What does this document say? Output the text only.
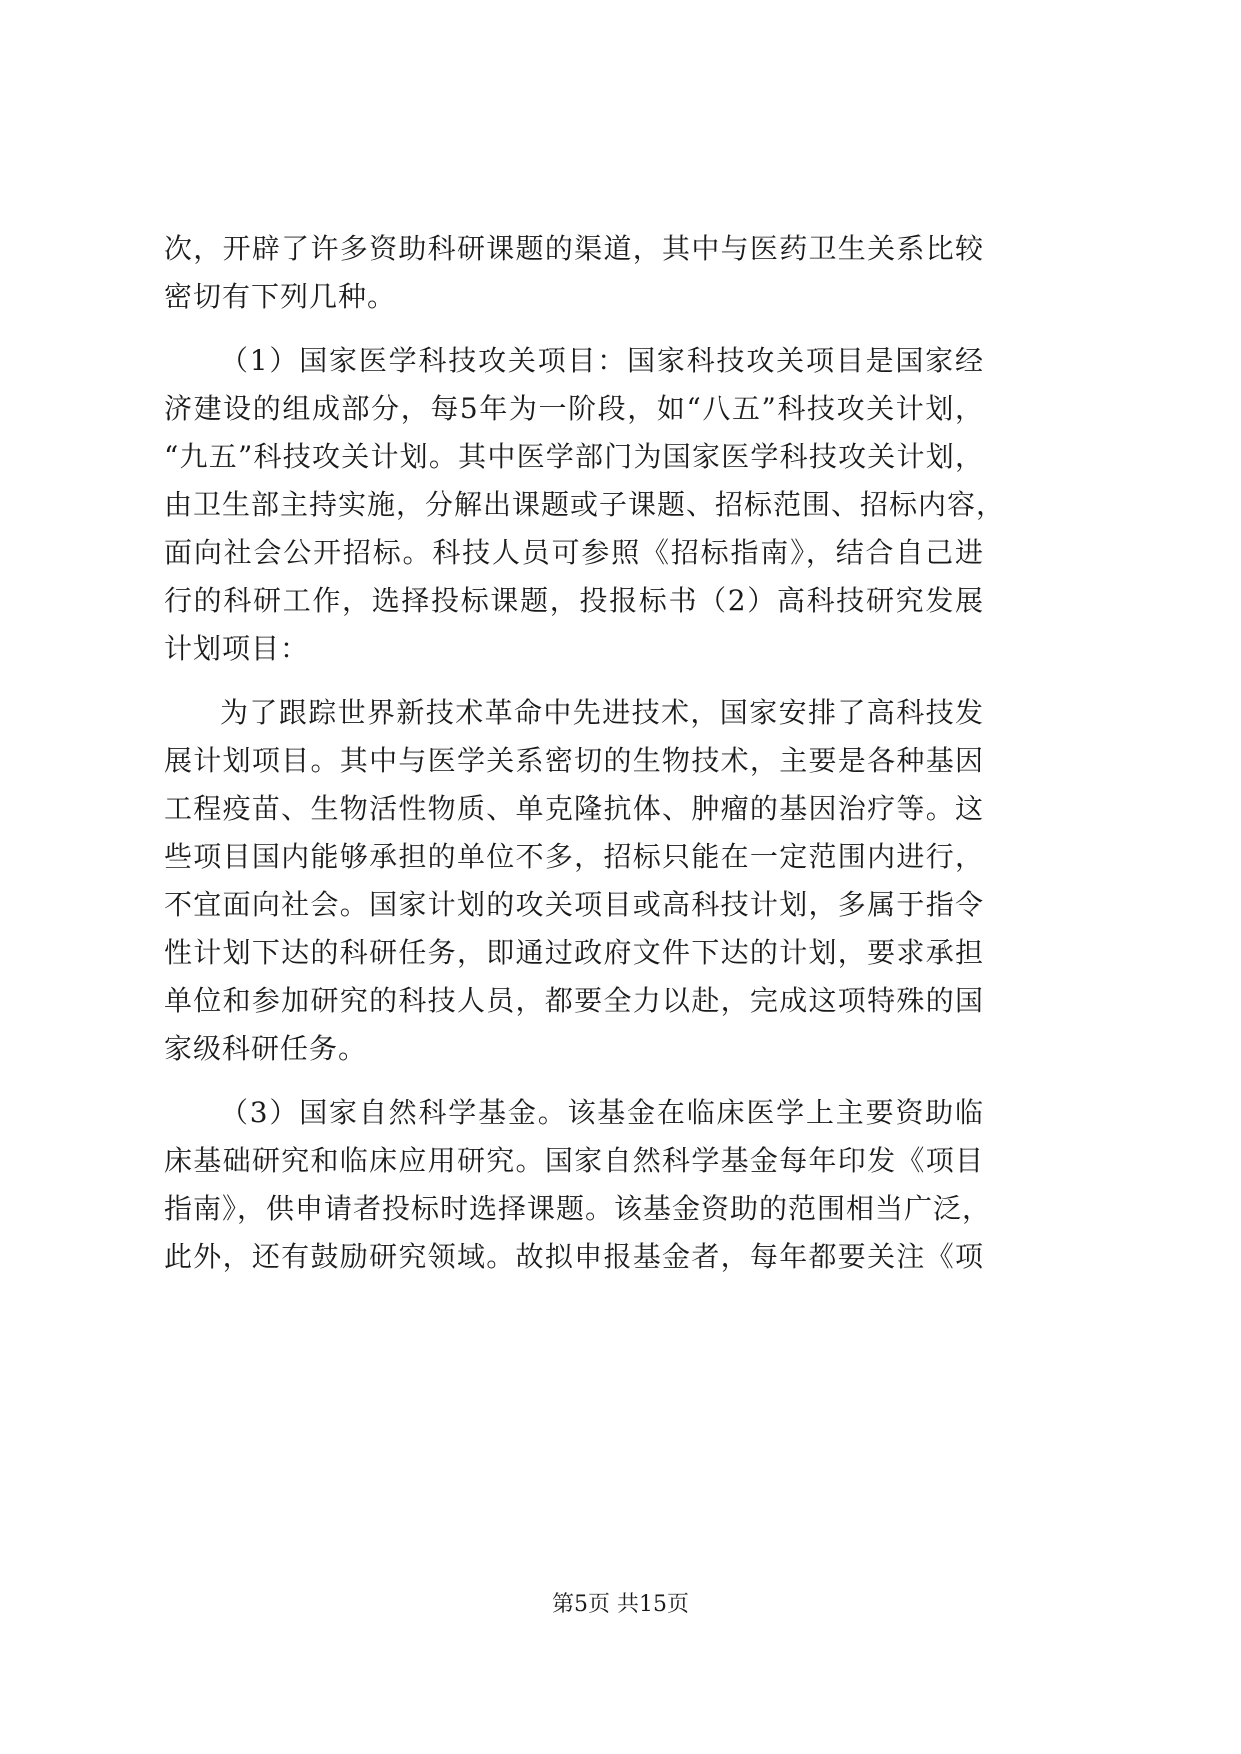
次，开辟了许多资助科研课题的渠道，其中与医药卫生关系比较
密切有下列几种。
（1）国家医学科技攻关项目：国家科技攻关项目是国家经
济建设的组成部分，每5年为一阶段，如“八五”科技攻关计划，
“九五”科技攻关计划。其中医学部门为国家医学科技攻关计划，
由卫生部主持实施，分解出课题或子课题、招标范围、招标内容，
面向社会公开招标。科技人员可参照《招标指南》，结合自己进
行的科研工作，选择投标课题，投报标书（2）高科技研究发展
计划项目：
为了跟踪世界新技术革命中先进技术，国家安排了高科技发
展计划项目。其中与医学关系密切的生物技术，主要是各种基因
工程疫苗、生物活性物质、单克隆抗体、肿瘤的基因治疗等。这
些项目国内能够承担的单位不多，招标只能在一定范围内进行，
不宜面向社会。国家计划的攻关项目或高科技计划，多属于指令
性计划下达的科研任务，即通过政府文件下达的计划，要求承担
单位和参加研究的科技人员，都要全力以赴，完成这项特殊的国
家级科研任务。
（3）国家自然科学基金。该基金在临床医学上主要资助临
床基础研究和临床应用研究。国家自然科学基金每年印发《项目
指南》，供申请者投标时选择课题。该基金资助的范围相当广泛，
此外，还有鼓励研究领域。故拟申报基金者，每年都要关注《项
第5页 共15页
